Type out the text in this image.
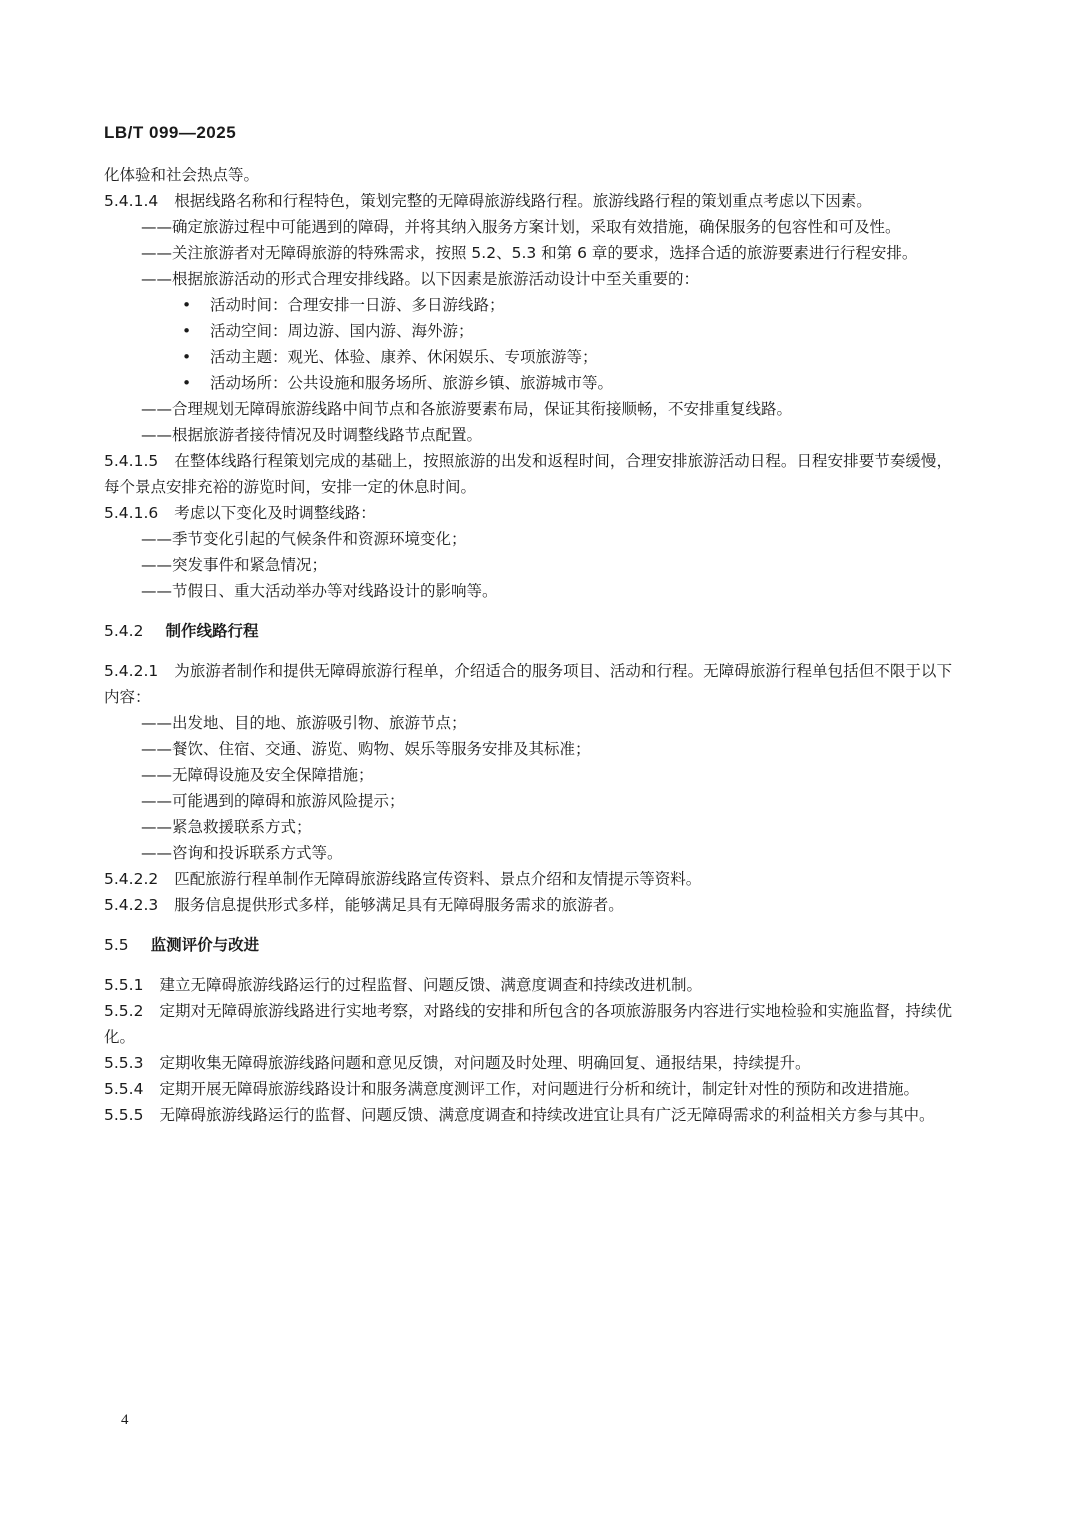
LB/T 099—2025

化体验和社会热点等。

5.4.1.4 根据线路名称和行程特色，策划完整的无障碍旅游线路行程。旅游线路行程的策划重点考虑以下因素。

——确定旅游过程中可能遇到的障碍，并将其纳入服务方案计划，采取有效措施，确保服务的包容性和可及性。

——关注旅游者对无障碍旅游的特殊需求，按照 5.2、5.3 和第 6 章的要求，选择合适的旅游要素进行行程安排。

——根据旅游活动的形式合理安排线路。以下因素是旅游活动设计中至关重要的：

• 活动时间：合理安排一日游、多日游线路；

• 活动空间：周边游、国内游、海外游；

• 活动主题：观光、体验、康养、休闲娱乐、专项旅游等；

• 活动场所：公共设施和服务场所、旅游乡镇、旅游城市等。

——合理规划无障碍旅游线路中间节点和各旅游要素布局，保证其衔接顺畅，不安排重复线路。

——根据旅游者接待情况及时调整线路节点配置。

5.4.1.5 在整体线路行程策划完成的基础上，按照旅游的出发和返程时间，合理安排旅游活动日程。日程安排要节奏缓慢，每个景点安排充裕的游览时间，安排一定的休息时间。

5.4.1.6 考虑以下变化及时调整线路：

——季节变化引起的气候条件和资源环境变化；

——突发事件和紧急情况；

——节假日、重大活动举办等对线路设计的影响等。

5.4.2 制作线路行程

5.4.2.1 为旅游者制作和提供无障碍旅游行程单，介绍适合的服务项目、活动和行程。无障碍旅游行程单包括但不限于以下内容：

——出发地、目的地、旅游吸引物、旅游节点；

——餐饮、住宿、交通、游览、购物、娱乐等服务安排及其标准；

——无障碍设施及安全保障措施；

——可能遇到的障碍和旅游风险提示；

——紧急救援联系方式；

——咨询和投诉联系方式等。

5.4.2.2 匹配旅游行程单制作无障碍旅游线路宣传资料、景点介绍和友情提示等资料。

5.4.2.3 服务信息提供形式多样，能够满足具有无障碍服务需求的旅游者。

5.5 监测评价与改进

5.5.1 建立无障碍旅游线路运行的过程监督、问题反馈、满意度调查和持续改进机制。

5.5.2 定期对无障碍旅游线路进行实地考察，对路线的安排和所包含的各项旅游服务内容进行实地检验和实施监督，持续优化。

5.5.3 定期收集无障碍旅游线路问题和意见反馈，对问题及时处理、明确回复、通报结果，持续提升。

5.5.4 定期开展无障碍旅游线路设计和服务满意度测评工作，对问题进行分析和统计，制定针对性的预防和改进措施。

5.5.5 无障碍旅游线路运行的监督、问题反馈、满意度调查和持续改进宜让具有广泛无障碍需求的利益相关方参与其中。

4
